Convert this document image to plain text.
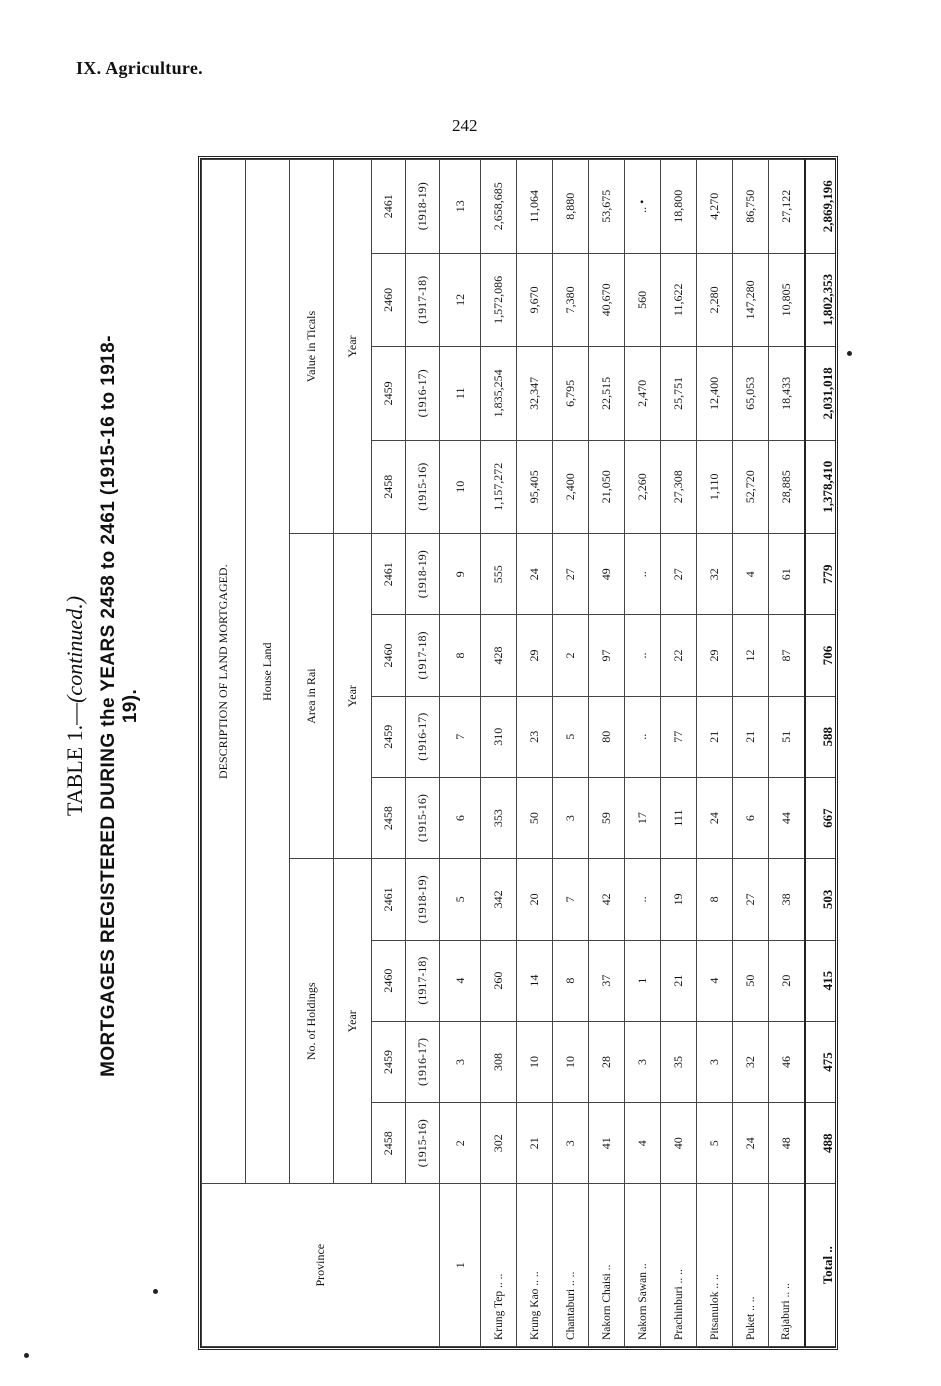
IX. Agriculture.
242
TABLE 1.—(continued.) MORTGAGES REGISTERED DURING the YEARS 2458 to 2461 (1915-16 to 1918-19).
Province	DESCRIPTION OF LAND MORTGAGED.											
	House Land											
	No. of Holdings				Area in Rai				Value in Ticals			
	Year				Year				Year			
	2458	2459	2460	2461	2458	2459	2460	2461	2458	2459	2460	2461
	(1915-16)	(1916-17)	(1917-18)	(1918-19)	(1915-16)	(1916-17)	(1917-18)	(1918-19)	(1915-16)	(1916-17)	(1917-18)	(1918-19)
1	2	3	4	5	6	7	8	9	10	11	12	13
Krung Tep .. ..	302	308	260	342	353	310	428	555	1,157,272	1,835,254	1,572,086	2,658,685
Krung Kao .. ..	21	10	14	20	50	23	29	24	95,405	32,347	9,670	11,064
Chantaburi .. ..	3	10	8	7	3	5	2	27	2,400	6,795	7,380	8,880
Nakorn Chaisi ..	41	28	37	42	59	80	97	49	21,050	22,515	40,670	53,675
Nakorn Sawan ..	4	3	1	..	17	..	..	..	2,260	2,470	560	.. •
Prachinburi .. ..	40	35	21	19	111	77	22	27	27,308	25,751	11,622	18,800
Pitsanulok .. ..	5	3	4	8	24	21	29	32	1,110	12,400	2,280	4,270
Puket .. ..	24	32	50	27	6	21	12	4	52,720	65,053	147,280	86,750
Rajaburi .. ..	48	46	20	38	44	51	87	61	28,885	18,433	10,805	27,122
Total ..	488	475	415	503	667	588	706	779	1,378,410	2,031,018	1,802,353	2,869,196
